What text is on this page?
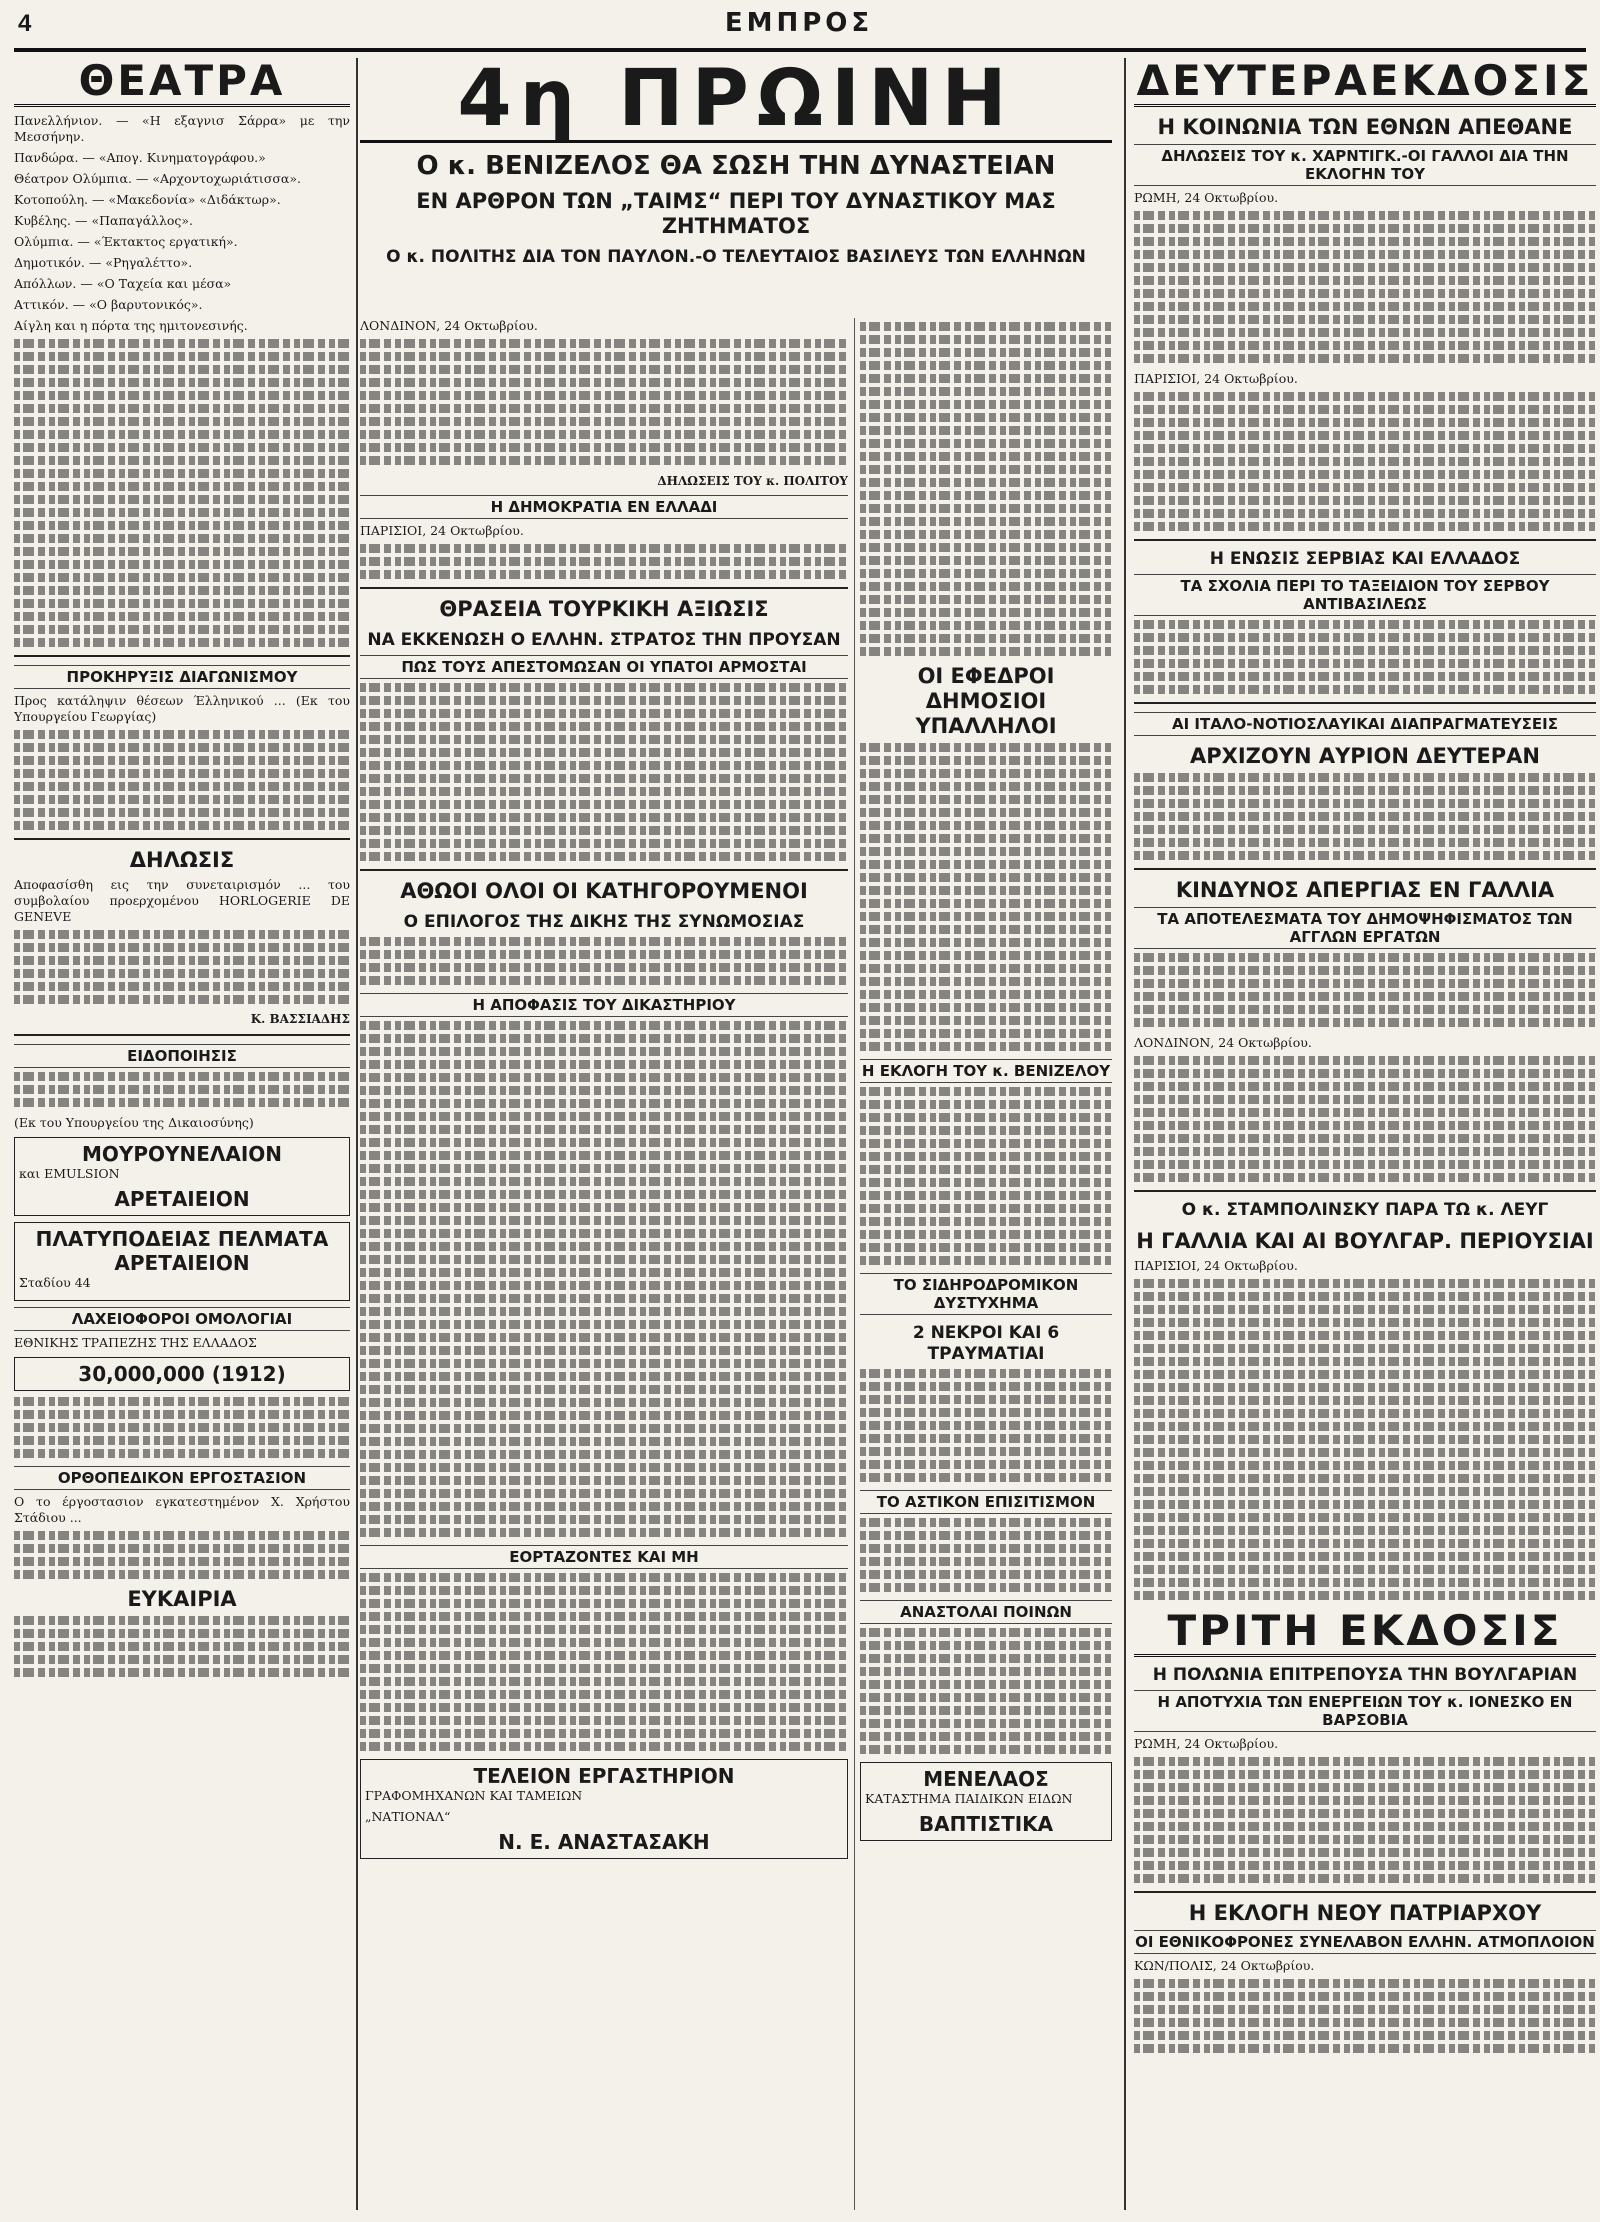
4	ΕΜΠΡΟΣ
ΘΕΑΤΡΑ

Πανελλήνιον. — «Η εξαγνισ Σάρρα» με την Μεσσήνην.

Πανδώρα. — «Απογ. Κινηματογράφου.»

Θέατρον Ολύμπια. — «Αρχοντοχωριάτισσα».

Κοτοπούλη. — «Μακεδονία» «Διδάκτωρ».

Κυβέλης. — «Παπαγάλλος».

Ολύμπια. — «Έκτακτος εργατική».

Δημοτικόν. — «Ρηγαλέττο».

Απόλλων. — «Ο Ταχεία και μέσα»

Αττικόν. — «Ο βαρυτονικός».

Αίγλη και η πόρτα της ημιτονεσινής.

ΠΡΟΚΗΡΥΞΙΣ ΔΙΑΓΩΝΙΣΜΟΥ

Προς κατάληψιν θέσεων Έλληνικού ... (Εκ του Υπουργείου Γεωργίας)

ΔΗΛΩΣΙΣ

Αποφασίσθη εις την συνεταιρισμόν ... του συμβολαίου προερχομένου HORLOGERIE DE GENEVE

Κ. ΒΑΣΣΙΑΔΗΣ
ΕΙΔΟΠΟΙΗΣΙΣ

(Εκ του Υπουργείου της Δικαιοσύνης)

ΜΟΥΡΟΥΝΕΛΑΙΟΝ

και EMULSION

ΑΡΕΤΑΙΕΙΟΝ
ΠΛΑΤΥΠΟΔΕΙΑΣ ΠΕΛΜΑΤΑ
ΑΡΕΤΑΙΕΙΟΝ

Σταδίου 44

ΛΑΧΕΙΟΦΟΡΟΙ ΟΜΟΛΟΓΙΑΙ

ΕΘΝΙΚΗΣ ΤΡΑΠΕΖΗΣ ΤΗΣ ΕΛΛΑΔΟΣ

30,000,000 (1912)
ΟΡΘΟΠΕΔΙΚΟΝ ΕΡΓΟΣΤΑΣΙΟΝ

Ο το έργοστασιον εγκατεστημένον Χ. Χρήστου Στάδιου ...

ΕΥΚΑΙΡΙΑ
4η ΠΡΩΙΝΗ
Ο κ. ΒΕΝΙΖΕΛΟΣ ΘΑ ΣΩΣΗ ΤΗΝ ΔΥΝΑΣΤΕΙΑΝ
ΕΝ ΑΡΘΡΟΝ ΤΩΝ „ΤΑΙΜΣ“ ΠΕΡΙ ΤΟΥ ΔΥΝΑΣΤΙΚΟΥ ΜΑΣ ΖΗΤΗΜΑΤΟΣ
Ο κ. ΠΟΛΙΤΗΣ ΔΙΑ ΤΟΝ ΠΑΥΛΟΝ.-Ο ΤΕΛΕΥΤΑΙΟΣ ΒΑΣΙΛΕΥΣ ΤΩΝ ΕΛΛΗΝΩΝ

ΛΟΝΔΙΝΟΝ, 24 Οκτωβρίου.

ΔΗΛΩΣΕΙΣ ΤΟΥ κ. ΠΟΛΙΤΟΥ

Η ΔΗΜΟΚΡΑΤΙΑ ΕΝ ΕΛΛΑΔΙ

ΠΑΡΙΣΙΟΙ, 24 Οκτωβρίου.

ΘΡΑΣΕΙΑ ΤΟΥΡΚΙΚΗ ΑΞΙΩΣΙΣ
ΝΑ ΕΚΚΕΝΩΣΗ Ο ΕΛΛΗΝ. ΣΤΡΑΤΟΣ ΤΗΝ ΠΡΟΥΣΑΝ
ΠΩΣ ΤΟΥΣ ΑΠΕΣΤΟΜΩΣΑΝ ΟΙ ΥΠΑΤΟΙ ΑΡΜΟΣΤΑΙ
ΑΘΩΟΙ ΟΛΟΙ ΟΙ ΚΑΤΗΓΟΡΟΥΜΕΝΟΙ
Ο ΕΠΙΛΟΓΟΣ ΤΗΣ ΔΙΚΗΣ ΤΗΣ ΣΥΝΩΜΟΣΙΑΣ
Η ΑΠΟΦΑΣΙΣ ΤΟΥ ΔΙΚΑΣΤΗΡΙΟΥ
ΕΟΡΤΑΖΟΝΤΕΣ ΚΑΙ ΜΗ
ΤΕΛΕΙΟΝ ΕΡΓΑΣΤΗΡΙΟΝ

ΓΡΑΦΟΜΗΧΑΝΩΝ ΚΑΙ ΤΑΜΕΙΩΝ

„ΝΑΤΙΟΝΑΛ“

Ν. Ε. ΑΝΑΣΤΑΣΑΚΗ
ΟΙ ΕΦΕΔΡΟΙ ΔΗΜΟΣΙΟΙ ΥΠΑΛΛΗΛΟΙ
Η ΕΚΛΟΓΗ ΤΟΥ κ. ΒΕΝΙΖΕΛΟΥ
ΤΟ ΣΙΔΗΡΟΔΡΟΜΙΚΟΝ ΔΥΣΤΥΧΗΜΑ
2 ΝΕΚΡΟΙ ΚΑΙ 6 ΤΡΑΥΜΑΤΙΑΙ
ΤΟ ΑΣΤΙΚΟΝ ΕΠΙΣΙΤΙΣΜΟΝ
ΑΝΑΣΤΟΛΑΙ ΠΟΙΝΩΝ
ΜΕΝΕΛΑΟΣ

ΚΑΤΑΣΤΗΜΑ ΠΑΙΔΙΚΩΝ ΕΙΔΩΝ

ΒΑΠΤΙΣΤΙΚΑ
ΔΕΥΤΕΡΑΕΚΔΟΣΙΣ
Η ΚΟΙΝΩΝΙΑ ΤΩΝ ΕΘΝΩΝ ΑΠΕΘΑΝΕ
ΔΗΛΩΣΕΙΣ ΤΟΥ κ. ΧΑΡΝΤΙΓΚ.-ΟΙ ΓΑΛΛΟΙ ΔΙΑ ΤΗΝ ΕΚΛΟΓΗΝ ΤΟΥ

ΡΩΜΗ, 24 Οκτωβρίου.

ΠΑΡΙΣΙΟΙ, 24 Οκτωβρίου.

Η ΕΝΩΣΙΣ ΣΕΡΒΙΑΣ ΚΑΙ ΕΛΛΑΔΟΣ
ΤΑ ΣΧΟΛΙΑ ΠΕΡΙ ΤΟ ΤΑΞΕΙΔΙΟΝ ΤΟΥ ΣΕΡΒΟΥ ΑΝΤΙΒΑΣΙΛΕΩΣ
ΑΙ ΙΤΑΛΟ-ΝΟΤΙΟΣΛΑΥΙΚΑΙ ΔΙΑΠΡΑΓΜΑΤΕΥΣΕΙΣ
ΑΡΧΙΖΟΥΝ ΑΥΡΙΟΝ ΔΕΥΤΕΡΑΝ
ΚΙΝΔΥΝΟΣ ΑΠΕΡΓΙΑΣ ΕΝ ΓΑΛΛΙΑ
ΤΑ ΑΠΟΤΕΛΕΣΜΑΤΑ ΤΟΥ ΔΗΜΟΨΗΦΙΣΜΑΤΟΣ ΤΩΝ ΑΓΓΛΩΝ ΕΡΓΑΤΩΝ

ΛΟΝΔΙΝΟΝ, 24 Οκτωβρίου.

Ο κ. ΣΤΑΜΠΟΛΙΝΣΚΥ ΠΑΡΑ ΤΩ κ. ΛΕΥΓ
Η ΓΑΛΛΙΑ ΚΑΙ ΑΙ ΒΟΥΛΓΑΡ. ΠΕΡΙΟΥΣΙΑΙ

ΠΑΡΙΣΙΟΙ, 24 Οκτωβρίου.

ΤΡΙΤΗ ΕΚΔΟΣΙΣ
Η ΠΟΛΩΝΙΑ ΕΠΙΤΡΕΠΟΥΣΑ ΤΗΝ ΒΟΥΛΓΑΡΙΑΝ
Η ΑΠΟΤΥΧΙΑ ΤΩΝ ΕΝΕΡΓΕΙΩΝ ΤΟΥ κ. ΙΟΝΕΣΚΟ ΕΝ ΒΑΡΣΟΒΙΑ

ΡΩΜΗ, 24 Οκτωβρίου.

Η ΕΚΛΟΓΗ ΝΕΟΥ ΠΑΤΡΙΑΡΧΟΥ
ΟΙ ΕΘΝΙΚΟΦΡΟΝΕΣ ΣΥΝΕΛΑΒΟΝ ΕΛΛΗΝ. ΑΤΜΟΠΛΟΙΟΝ

ΚΩΝ/ΠΟΛΙΣ, 24 Οκτωβρίου.
